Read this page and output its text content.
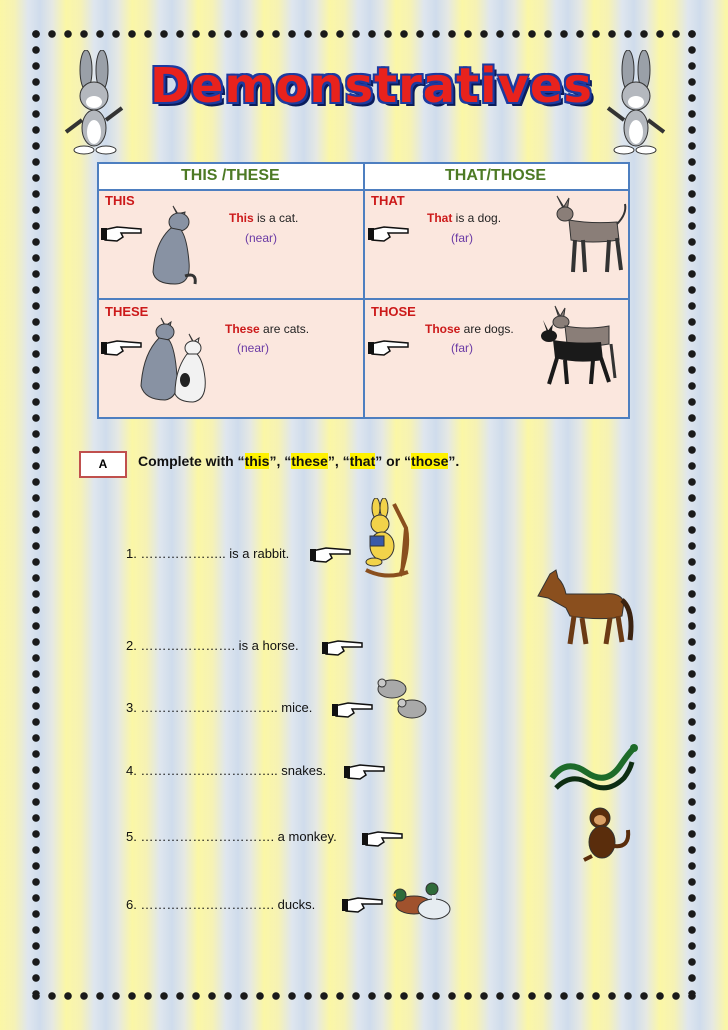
Demonstratives
THIS /THESE	THAT/THOSE
THIS
This is a cat.
(near)
THAT
That is a dog.
(far)
THESE
These are cats.
(near)
THOSE
Those are dogs.
(far)
A	Complete with “this”, “these”, “that” or “those”.
1. ……………….. is a rabbit.
2. …………………. is a horse.
3. ………………………….. mice.
4. ………………………….. snakes.
5. …………………………. a monkey.
6. …………………………. ducks.
